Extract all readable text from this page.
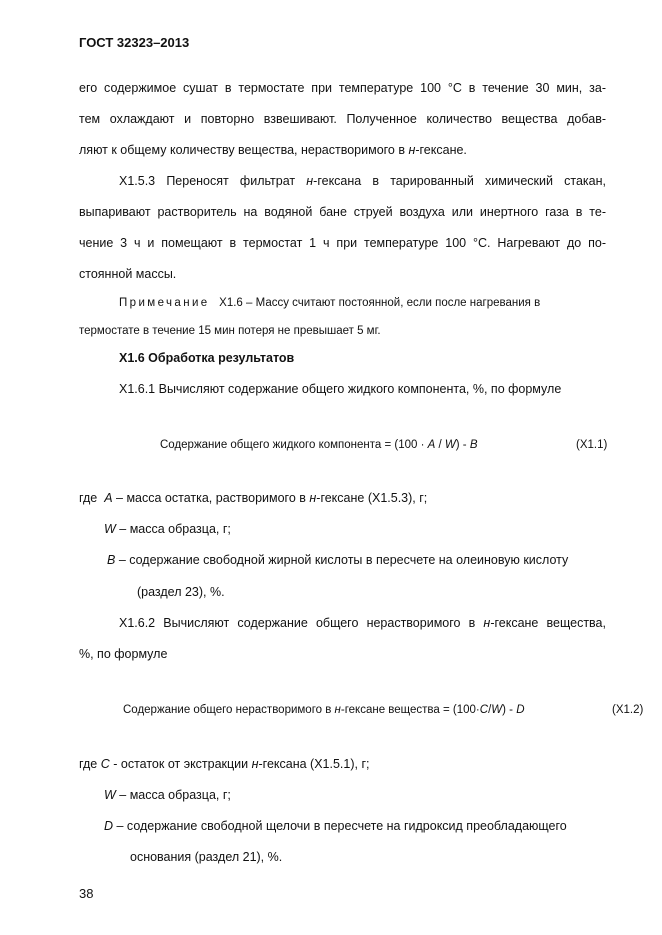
ГОСТ 32323–2013
его содержимое сушат в термостате при температуре 100 °С в течение 30 мин, за-
тем охлаждают и повторно взвешивают. Полученное количество вещества добав-
ляют к общему количеству вещества, нерастворимого в н-гексане.
Х1.5.3 Переносят фильтрат н-гексана в тарированный химический стакан,
выпаривают растворитель на водяной бане струей воздуха или инертного газа в те-
чение 3 ч и помещают в термостат 1 ч при температуре 100 °С. Нагревают до по-
стоянной массы.
Примечание Х1.6 – Массу считают постоянной, если после нагревания в
термостате в течение 15 мин потеря не превышает 5 мг.
Х1.6 Обработка результатов
Х1.6.1 Вычисляют содержание общего жидкого компонента, %, по формуле
Содержание общего жидкого компонента = (100 · A / W) - B	(Х1.1)
где A – масса остатка, растворимого в н-гексане (Х1.5.3), г;
W – масса образца, г;
B – содержание свободной жирной кислоты в пересчете на олеиновую кислоту
(раздел 23), %.
Х1.6.2 Вычисляют содержание общего нерастворимого в н-гексане вещества,
%, по формуле
Содержание общего нерастворимого в н-гексане вещества = (100·C/W) - D	(Х1.2)
где C - остаток от экстракции н-гексана (Х1.5.1), г;
W – масса образца, г;
D – содержание свободной щелочи в пересчете на гидроксид преобладающего
основания (раздел 21), %.
38
